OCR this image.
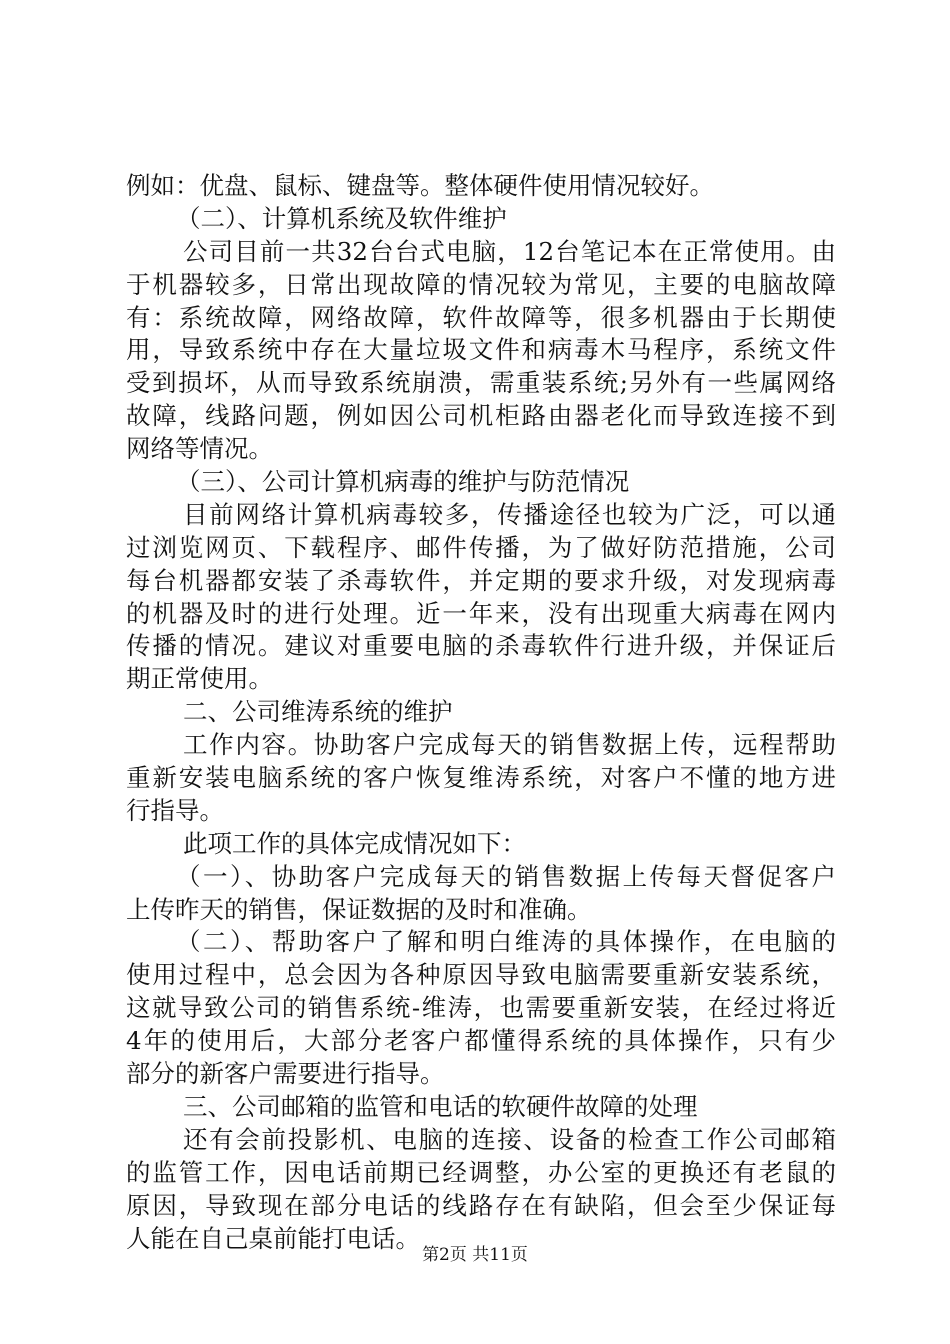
例如：优盘、鼠标、键盘等。整体硬件使用情况较好。
（二）、计算机系统及软件维护
公司目前一共32台台式电脑，12台笔记本在正常使用。由
于机器较多，日常出现故障的情况较为常见，主要的电脑故障
有：系统故障，网络故障，软件故障等，很多机器由于长期使
用，导致系统中存在大量垃圾文件和病毒木马程序，系统文件
受到损坏，从而导致系统崩溃，需重装系统;另外有一些属网络
故障，线路问题，例如因公司机柜路由器老化而导致连接不到
网络等情况。
（三）、公司计算机病毒的维护与防范情况
目前网络计算机病毒较多，传播途径也较为广泛，可以通
过浏览网页、下载程序、邮件传播，为了做好防范措施，公司
每台机器都安装了杀毒软件，并定期的要求升级，对发现病毒
的机器及时的进行处理。近一年来，没有出现重大病毒在网内
传播的情况。建议对重要电脑的杀毒软件行进升级，并保证后
期正常使用。
二、公司维涛系统的维护
工作内容。协助客户完成每天的销售数据上传，远程帮助
重新安装电脑系统的客户恢复维涛系统，对客户不懂的地方进
行指导。
此项工作的具体完成情况如下：
（一）、协助客户完成每天的销售数据上传每天督促客户
上传昨天的销售，保证数据的及时和准确。
（二）、帮助客户了解和明白维涛的具体操作，在电脑的
使用过程中，总会因为各种原因导致电脑需要重新安装系统，
这就导致公司的销售系统-维涛，也需要重新安装，在经过将近
4年的使用后，大部分老客户都懂得系统的具体操作，只有少
部分的新客户需要进行指导。
三、公司邮箱的监管和电话的软硬件故障的处理
还有会前投影机、电脑的连接、设备的检查工作公司邮箱
的监管工作，因电话前期已经调整，办公室的更换还有老鼠的
原因，导致现在部分电话的线路存在有缺陷，但会至少保证每
人能在自己桌前能打电话。
第2页 共11页
